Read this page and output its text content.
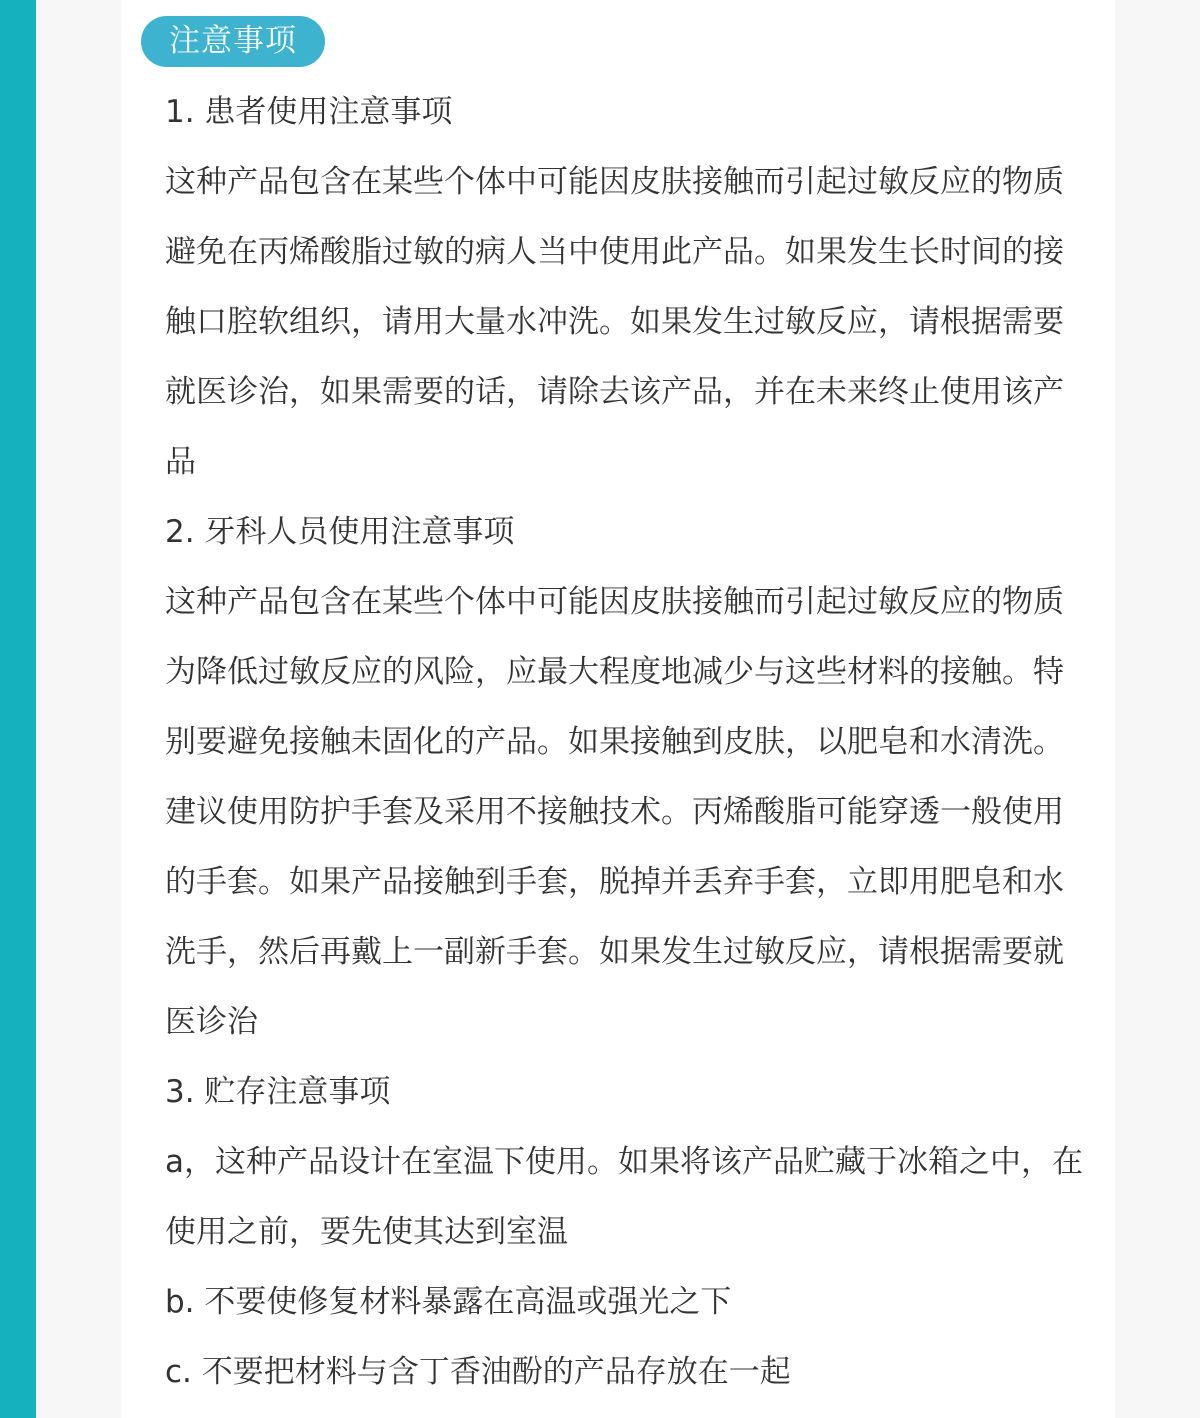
注意事项
1. 患者使用注意事项
这种产品包含在某些个体中可能因皮肤接触而引起过敏反应的物质
避免在丙烯酸脂过敏的病人当中使用此产品。如果发生长时间的接
触口腔软组织，请用大量水冲洗。如果发生过敏反应，请根据需要
就医诊治，如果需要的话，请除去该产品，并在未来终止使用该产
品
2. 牙科人员使用注意事项
这种产品包含在某些个体中可能因皮肤接触而引起过敏反应的物质
为降低过敏反应的风险，应最大程度地减少与这些材料的接触。特
别要避免接触未固化的产品。如果接触到皮肤，以肥皂和水清洗。
建议使用防护手套及采用不接触技术。丙烯酸脂可能穿透一般使用
的手套。如果产品接触到手套，脱掉并丢弃手套，立即用肥皂和水
洗手，然后再戴上一副新手套。如果发生过敏反应，请根据需要就
医诊治
3. 贮存注意事项
a，这种产品设计在室温下使用。如果将该产品贮藏于冰箱之中，在
使用之前，要先使其达到室温
b. 不要使修复材料暴露在高温或强光之下
c. 不要把材料与含丁香油酚的产品存放在一起
